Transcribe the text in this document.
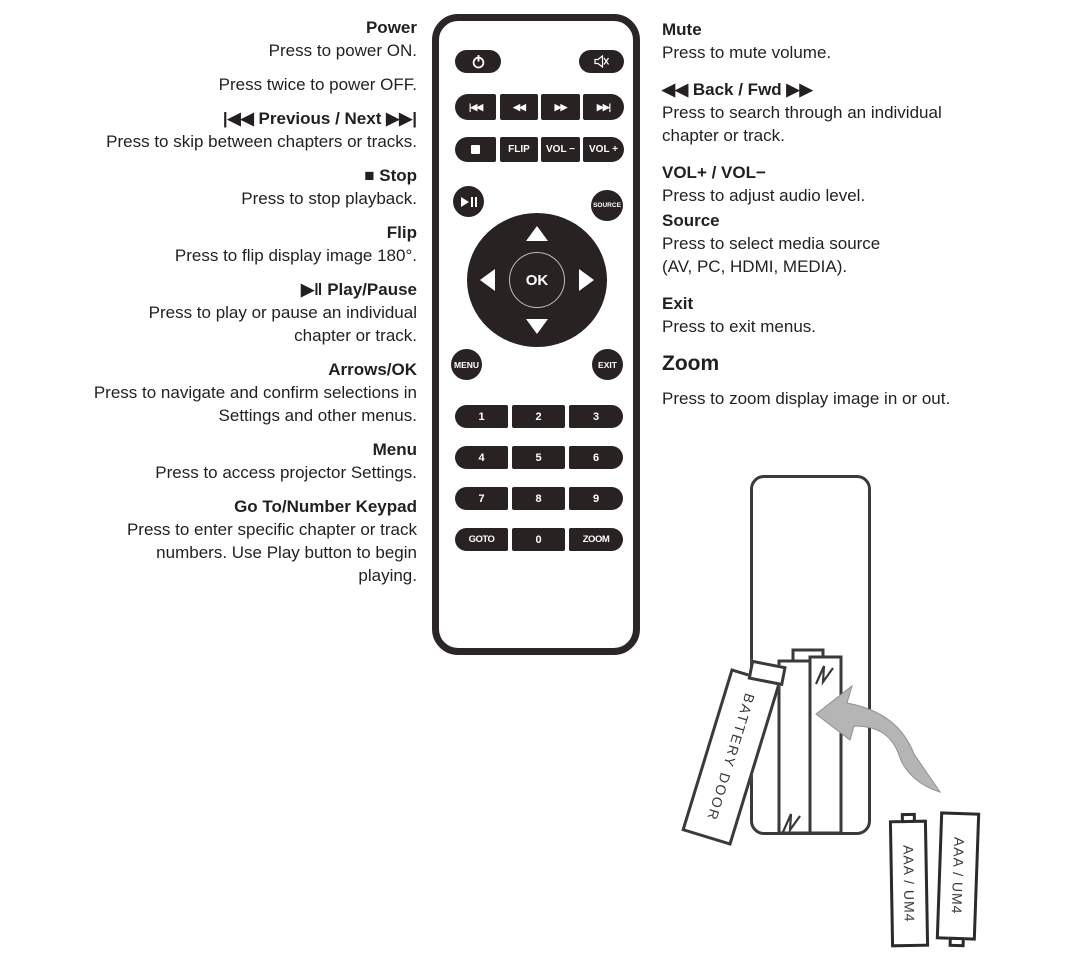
Power
Press to power ON.
Press twice to power OFF.
|◀◀ Previous / Next ▶▶|
Press to skip between chapters or tracks.
■ Stop
Press to stop playback.
Flip
Press to flip display image 180°.
▶‖ Play/Pause
Press to play or pause an individual
chapter or track.
Arrows/OK
Press to navigate and confirm selections in
Settings and other menus.
Menu
Press to access projector Settings.
Go To/Number Keypad
Press to enter specific chapter or track
numbers. Use Play button to begin
playing.
Mute
Press to mute volume.
◀◀ Back / Fwd ▶▶
Press to search through an individual
chapter or track.
VOL+ / VOL−
Press to adjust audio level.
Source
Press to select media source
(AV, PC, HDMI, MEDIA).
Exit
Press to exit menus.
Zoom
Press to zoom display image in or out.
|◀◀	◀◀	▶▶	▶▶|
FLIP VOL − VOL +
SOURCE
OK
MENU	EXIT
1	2	3
4	5	6
7	8	9
GOTO	0	ZOOM
BATTERY DOOR
AAA / UM4 AAA / UM4
